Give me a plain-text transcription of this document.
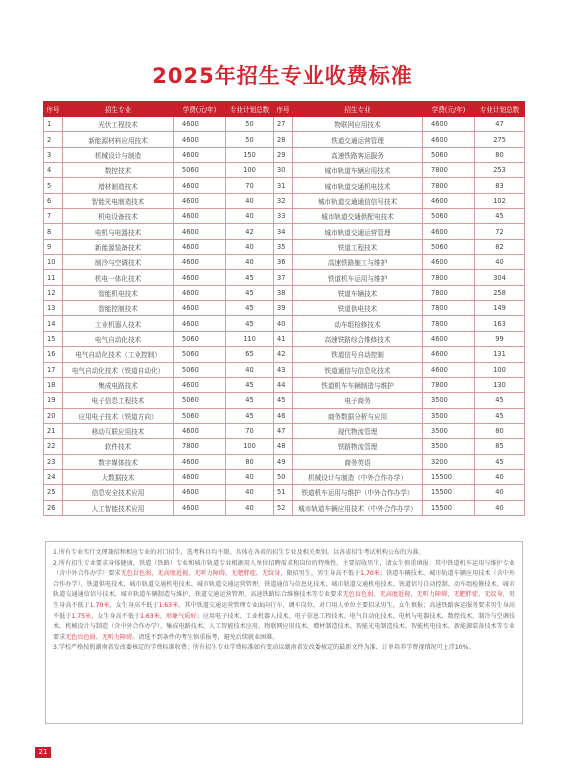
2025年招生专业收费标准
序号	招生专业	学费(元/年)	专业计划总数	序号	招生专业	学费(元/年)	专业计划总数
1	光伏工程技术	4600	50	27	物联网应用技术	4600	47
2	新能源材料应用技术	4600	50	28	铁道交通运营管理	4600	275
3	机械设计与制造	4600	150	29	高速铁路客运服务	5060	80
4	数控技术	5060	100	30	城市轨道车辆应用技术	7800	253
5	增材制造技术	4600	70	31	城市轨道交通机电技术	7800	83
6	智能光电制造技术	4600	40	32	城市轨道交通通信信号技术	4600	102
7	机电设备技术	4600	40	33	城市轨道交通供配电技术	5060	45
8	电机与电器技术	4600	42	34	城市轨道交通运营管理	4600	72
9	新能源装备技术	4600	40	35	铁道工程技术	5060	82
10	制冷与空调技术	4600	40	36	高速铁路施工与维护	4600	40
11	机电一体化技术	4600	45	37	铁道机车运用与维护	7800	304
12	智能机电技术	4600	45	38	铁道车辆技术	7800	258
13	智能控制技术	4600	45	39	铁道供电技术	7800	149
14	工业机器人技术	4600	45	40	动车组检修技术	7800	163
15	电气自动化技术	5060	110	41	高速铁路综合维修技术	4600	99
16	电气自动化技术（工业控制）	5060	65	42	铁道信号自动控制	4600	131
17	电气自动化技术（铁道自动化）	5060	40	43	铁道通信与信息化技术	4600	100
18	集成电路技术	4600	45	44	铁道机车车辆制造与维护	7800	130
19	电子信息工程技术	5060	45	45	电子商务	3500	45
20	应用电子技术（铁道方向）	5060	45	46	商务数据分析与应用	3500	45
21	移动互联应用技术	4600	70	47	现代物流管理	3500	80
22	软件技术	7800	100	48	铁路物流管理	3500	85
23	数字媒体技术	4600	80	49	商务英语	3200	45
24	大数据技术	4600	40	50	机械设计与制造（中外合作办学）	15500	40
25	信息安全技术应用	4600	40	51	铁道机车运用与维护（中外合作办学）	15500	40
26	人工智能技术应用	4600	40	52	城市轨道车辆应用技术（中外合作办学）	15500	40

1.所有专业实行文理兼招和相应专业的对口招生，选考科目均不限。具体在各省的招生专业及相关类别，以各省招生考试机构公布的为准。

2.所有招生专业要求身体健康，铁道（铁路）专业和城市轨道专业根据用人单位招聘需求和岗位的特殊性，主要招收男生，请女生慎重填报：其中铁道机车运用与维护专业（含中外合作办学）要求无色盲色弱、无高度近视、无听力障碍、无肥胖症、无纹身，限招男生，男生身高不低于1.70米；铁道车辆技术、城市轨道车辆应用技术（含中外合作办学）、铁道供电技术、城市轨道交通机电技术、城市轨道交通运营管理、铁道通信与信息化技术、城市轨道交通机电技术、铁道信号自动控制、动车组检修技术、城市轨道交通通信信号技术、城市轨道车辆制造与维护、铁道交通运营管理、高速铁路综合维修技术等专业要求无色盲色弱、无高度近视、无听力障碍、无肥胖症、无纹身，男生身高不低于1.70米，女生身高不低于1.63米。其中铁道交通运营管理专业面向行车、调车岗位，对口用人单位主要招录男生，女生慎报；高速铁路客运服务要求男生身高不低于1.75米，女生身高不低于1.63米，形象气质好；应用电子技术、工业机器人技术、电子信息工程技术、电气自动化技术、电机与电器技术、数控技术、制冷与空调技术、机械设计与制造（含中外合作办学）、集成电路技术、人工智能技术应用、物联网应用技术、增材制造技术、智能光电制造技术、智能机电技术、新能源装备技术等专业要求无色盲色弱、无听力障碍。请选不到条件的考生慎重报考，避免后续就业困难。

3.学校严格按照湖南省发改委核定的学费标准收费；所有招生专业学费标准如有变动以湖南省发改委核定的最新文件为准。订单培养学费视情况可上浮10%。

21
